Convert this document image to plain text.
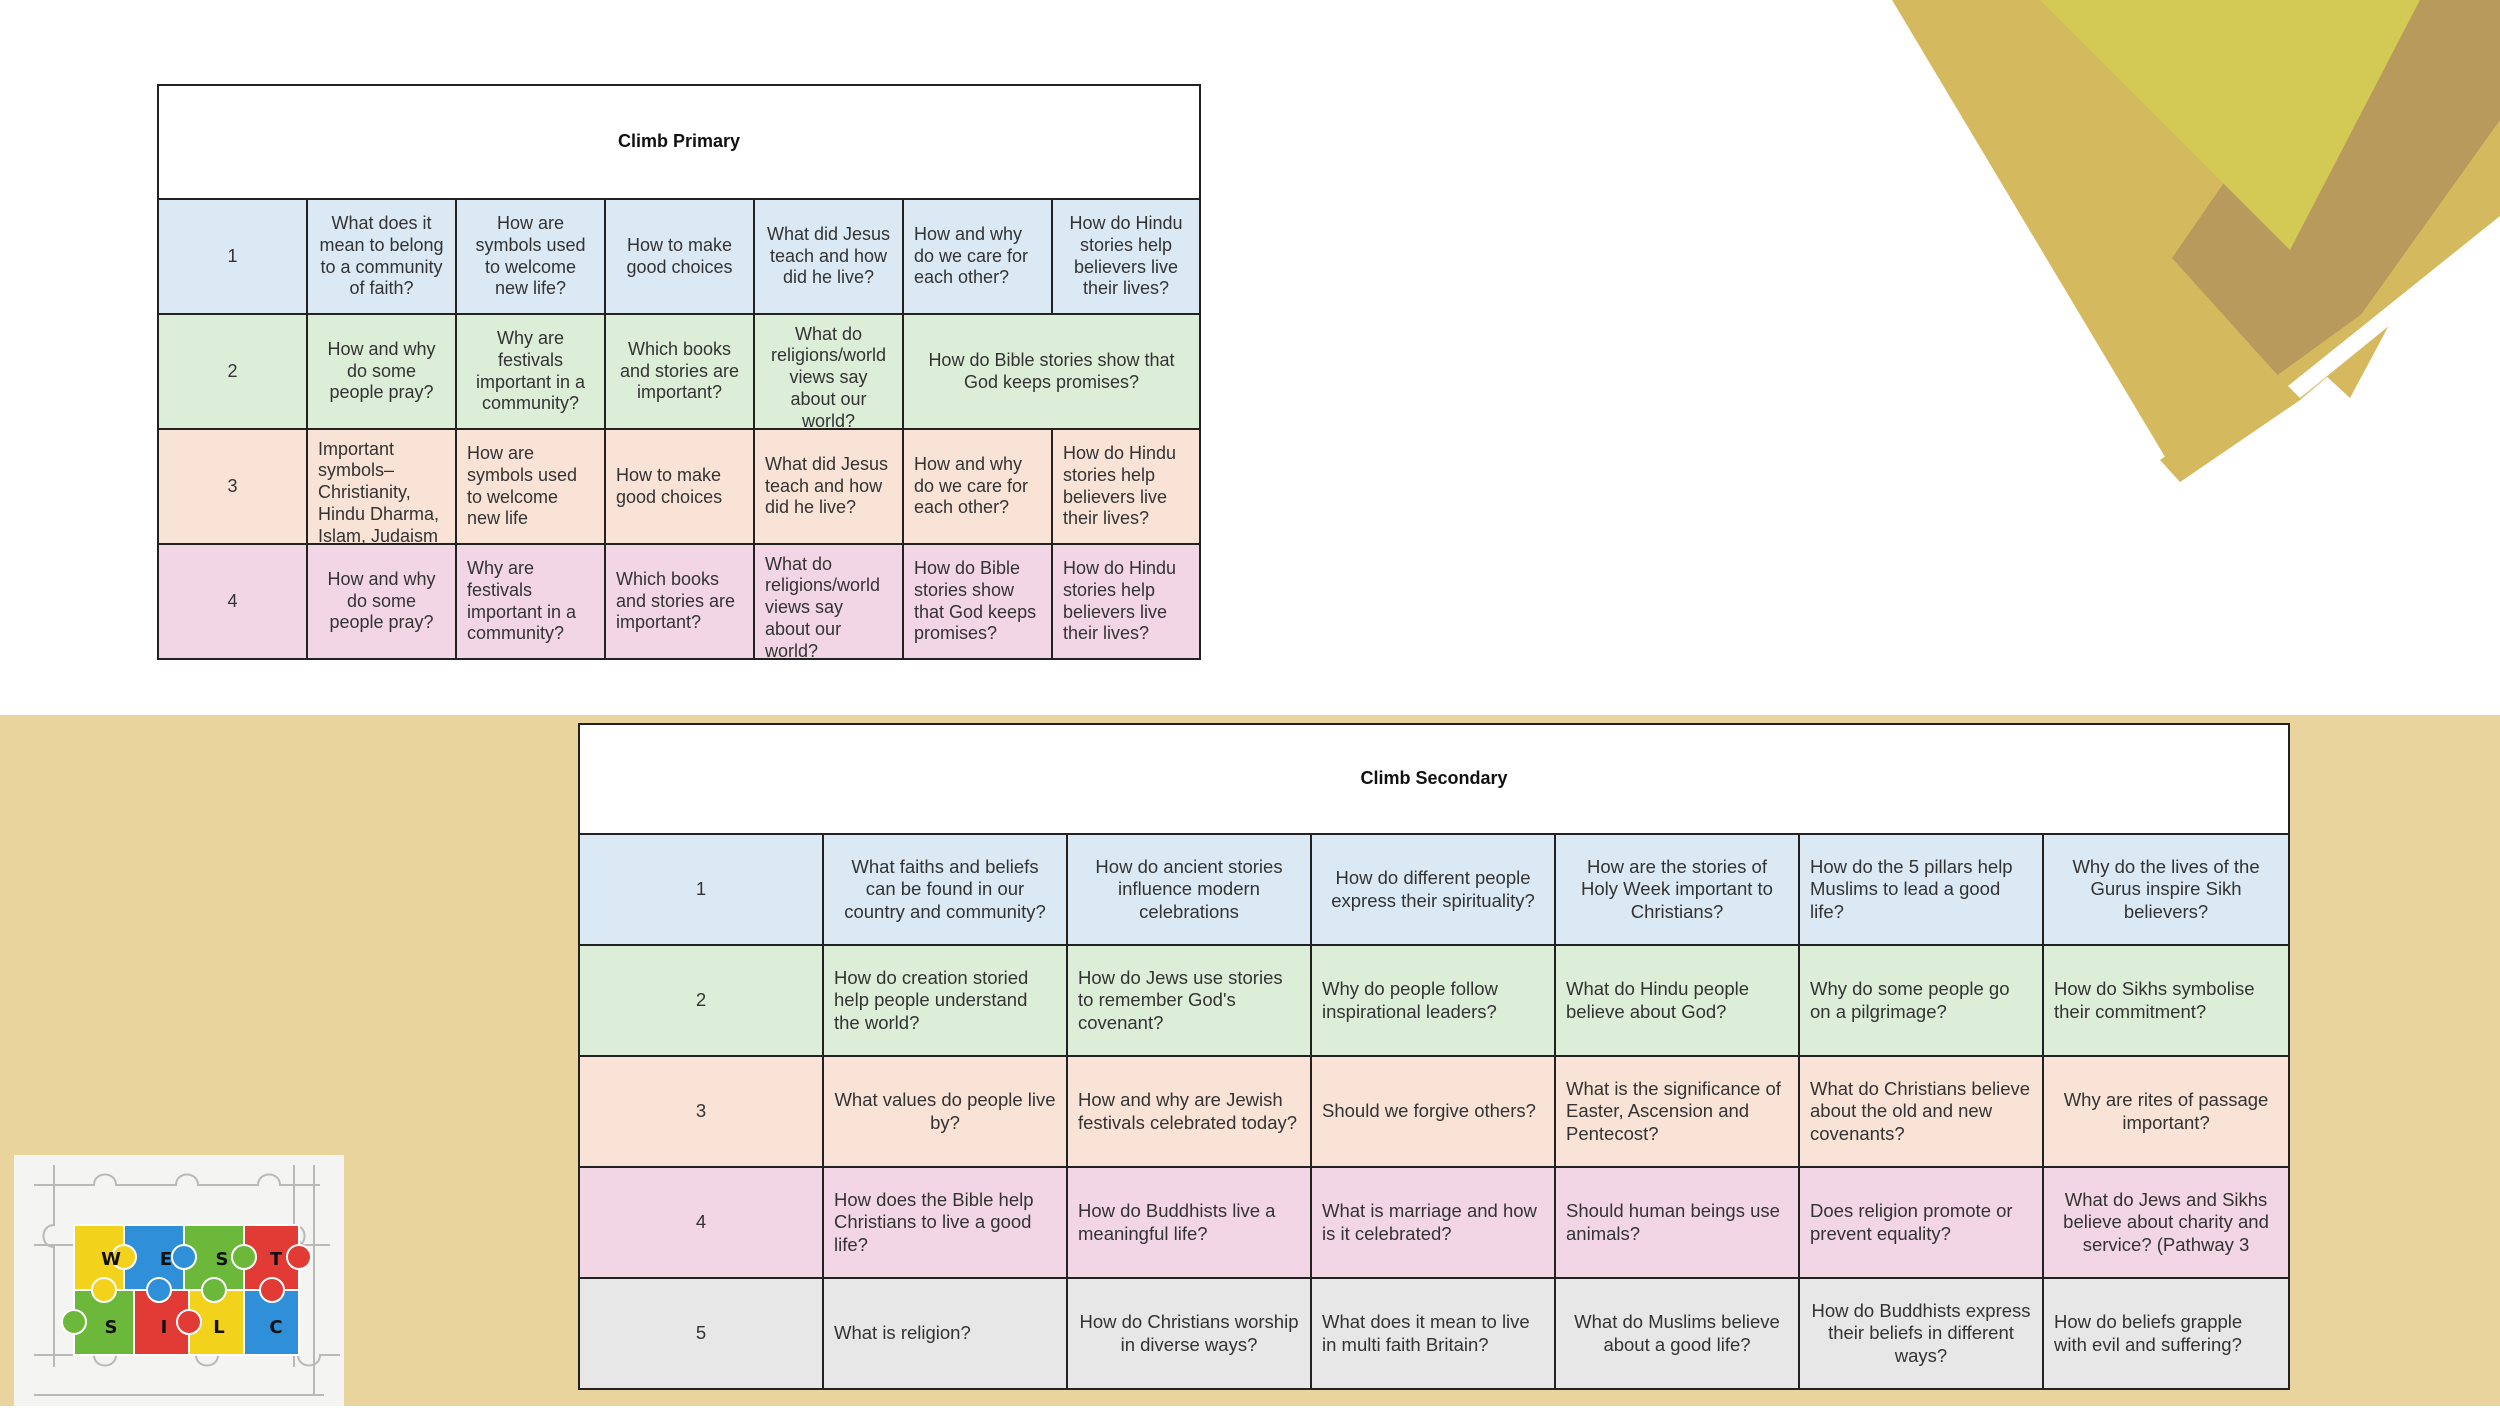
Climb Primary						
1	What does it mean to belong to a community of faith?	How are symbols used to welcome new life?	How to make good choices	What did Jesus teach and how did he live?	How and why do we care for each other?	How do Hindu stories help believers live their lives?

2	How and why do some people pray?	Why are festivals important in a community?	Which books and stories are important?	What do religions/world views say about our world?	How do Bible stories show that God keeps promises?	

3	Important symbols– Christianity, Hindu Dharma, Islam, Judaism	How are symbols used to welcome new life	How to make good choices	What did Jesus teach and how did he live?	How and why do we care for each other?	How do Hindu stories help believers live their lives?

4	How and why do some people pray?	Why are festivals important in a community?	Which books and stories are important?	What do religions/world views say about our world?	How do Bible stories show that God keeps promises?	How do Hindu stories help believers live their lives?
Climb Secondary						
1	What faiths and beliefs can be found in our country and community?	How do ancient stories influence modern celebrations	How do different people express their spirituality?	How are the stories of Holy Week important to Christians?	How do the 5 pillars help Muslims to lead a good life?	Why do the lives of the Gurus inspire Sikh believers?

2	How do creation storied help people understand the world?	How do Jews use stories to remember God's covenant?	Why do people follow inspirational leaders?	What do Hindu people believe about God?	Why do some people go on a pilgrimage?	How do Sikhs symbolise their commitment?

3	What values do people live by?	How and why are Jewish festivals celebrated today?	Should we forgive others?	What is the significance of Easter, Ascension and Pentecost?	What do Christians believe about the old and new covenants?	Why are rites of passage important?

4	How does the Bible help Christians to live a good life?	How do Buddhists live a meaningful life?	What is marriage and how is it celebrated?	Should human beings use animals?	Does religion promote or prevent equality?	What do Jews and Sikhs believe about charity and service? (Pathway 3

5	What is religion?	How do Christians worship in diverse ways?	What does it mean to live in multi faith Britain?	What do Muslims believe about a good life?	How do Buddhists express their beliefs in different ways?	How do beliefs grapple with evil and suffering?
W E S T
S I	L C
